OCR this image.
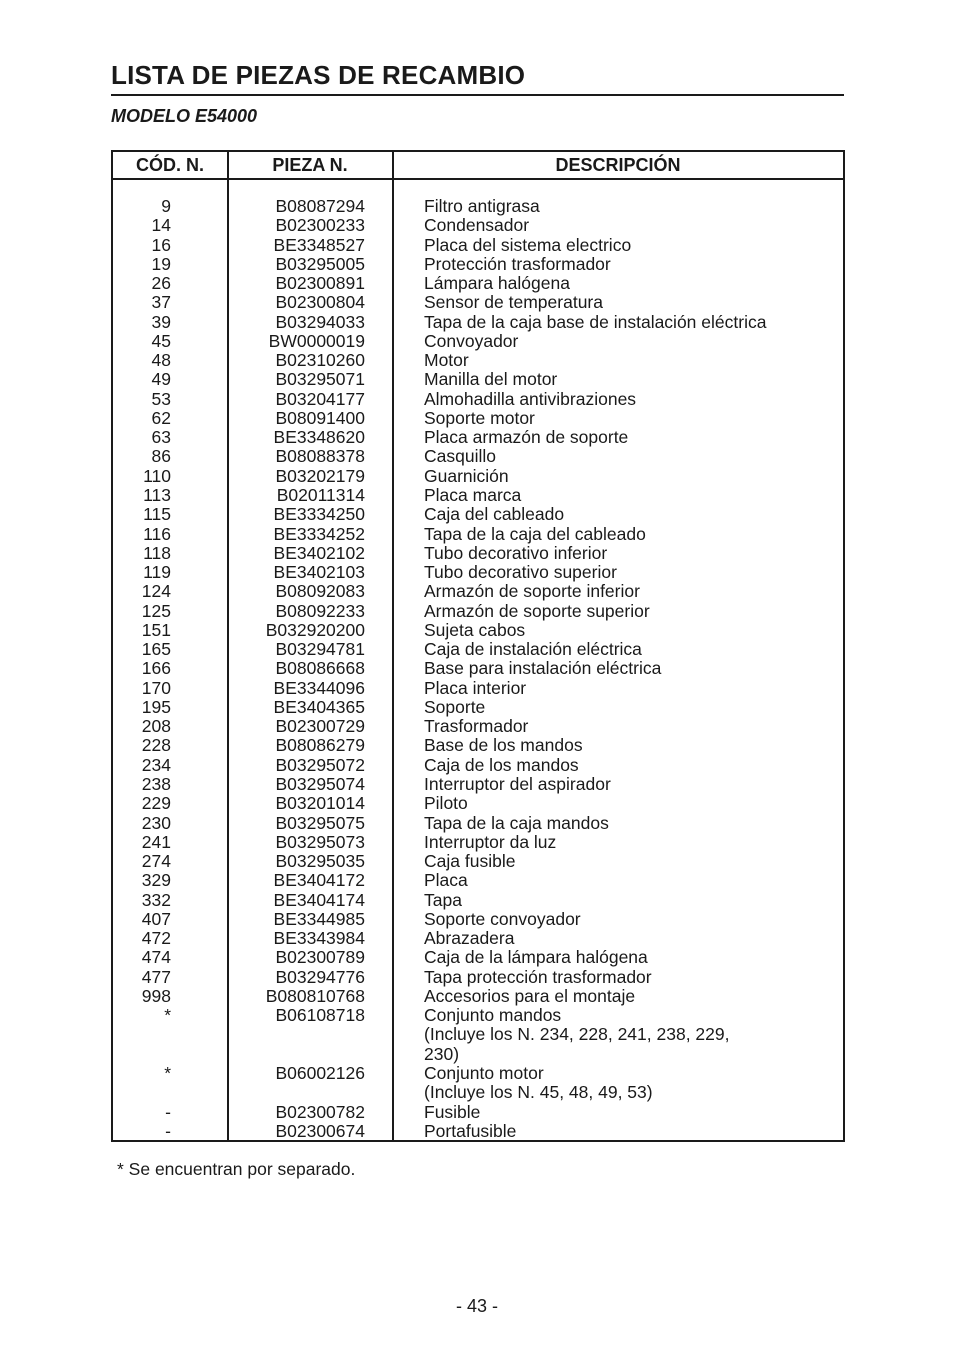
LISTA DE PIEZAS DE RECAMBIO
MODELO E54000
CÓD. N.	PIEZA N.	DESCRIPCIÓN
9	B08087294	Filtro antigrasa
14	B02300233	Condensador
16	BE3348527	Placa del sistema electrico
19	B03295005	Protección trasformador
26	B02300891	Lámpara halógena
37	B02300804	Sensor de temperatura
39	B03294033	Tapa de la caja base de instalación eléctrica
45	BW0000019	Convoyador
48	B02310260	Motor
49	B03295071	Manilla del motor
53	B03204177	Almohadilla antivibraziones
62	B08091400	Soporte motor
63	BE3348620	Placa armazón de soporte
86	B08088378	Casquillo
110	B03202179	Guarnición
113	B02011314	Placa marca
115	BE3334250	Caja del cableado
116	BE3334252	Tapa de la caja del cableado
118	BE3402102	Tubo decorativo inferior
119	BE3402103	Tubo decorativo superior
124	B08092083	Armazón de soporte inferior
125	B08092233	Armazón de soporte superior
151	B032920200	Sujeta cabos
165	B03294781	Caja de instalación eléctrica
166	B08086668	Base para instalación eléctrica
170	BE3344096	Placa interior
195	BE3404365	Soporte
208	B02300729	Trasformador
228	B08086279	Base de los mandos
234	B03295072	Caja de los mandos
238	B03295074	Interruptor del aspirador
229	B03201014	Piloto
230	B03295075	Tapa de la caja mandos
241	B03295073	Interruptor da luz
274	B03295035	Caja fusible
329	BE3404172	Placa
332	BE3404174	Tapa
407	BE3344985	Soporte convoyador
472	BE3343984	Abrazadera
474	B02300789	Caja de la lámpara halógena
477	B03294776	Tapa protección trasformador
998	B080810768	Accesorios para el montaje
*	B06108718	Conjunto mandos
(Incluye los N. 234, 228, 241, 238, 229,
230)
*	B06002126	Conjunto motor
(Incluye los N. 45, 48, 49, 53)
-	B02300782	Fusible
-	B02300674	Portafusible
* Se encuentran por separado.
- 43 -
